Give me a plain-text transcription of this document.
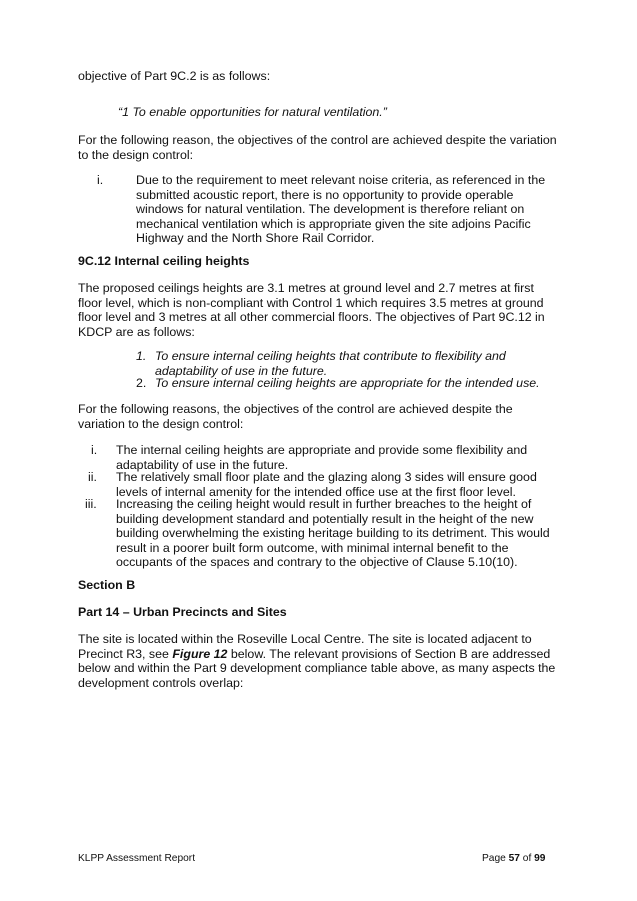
objective of Part 9C.2 is as follows:

“1 To enable opportunities for natural ventilation.”

For the following reason, the objectives of the control are achieved despite the variation to the design control:

i.	Due to the requirement to meet relevant noise criteria, as referenced in the submitted acoustic report, there is no opportunity to provide operable windows for natural ventilation. The development is therefore reliant on mechanical ventilation which is appropriate given the site adjoins Pacific Highway and the North Shore Rail Corridor.

9C.12 Internal ceiling heights

The proposed ceilings heights are 3.1 metres at ground level and 2.7 metres at first floor level, which is non-compliant with Control 1 which requires 3.5 metres at ground floor level and 3 metres at all other commercial floors. The objectives of Part 9C.12 in KDCP are as follows:

1. To ensure internal ceiling heights that contribute to flexibility and adaptability of use in the future.
2. To ensure internal ceiling heights are appropriate for the intended use.

For the following reasons, the objectives of the control are achieved despite the variation to the design control:

i. The internal ceiling heights are appropriate and provide some flexibility and adaptability of use in the future.
ii. The relatively small floor plate and the glazing along 3 sides will ensure good levels of internal amenity for the intended office use at the first floor level.
iii. Increasing the ceiling height would result in further breaches to the height of building development standard and potentially result in the height of the new building overwhelming the existing heritage building to its detriment. This would result in a poorer built form outcome, with minimal internal benefit to the occupants of the spaces and contrary to the objective of Clause 5.10(10).

Section B

Part 14 – Urban Precincts and Sites

The site is located within the Roseville Local Centre. The site is located adjacent to Precinct R3, see Figure 12 below. The relevant provisions of Section B are addressed below and within the Part 9 development compliance table above, as many aspects the development controls overlap:

KLPP Assessment Report	Page 57 of 99
